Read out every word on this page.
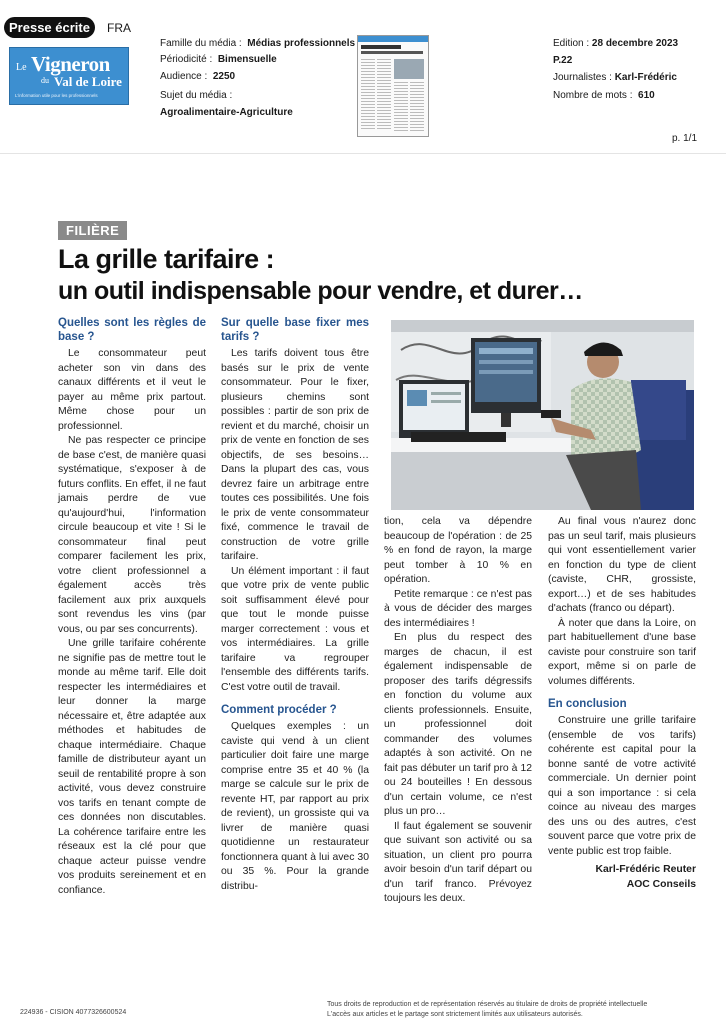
Presse écrite	FRA
Le Vigneron
du Val de Loire
L'information utile pour les professionnels
Famille du média : Médias professionnels
Périodicité : Bimensuelle
Audience : 2250
Sujet du média :
Agroalimentaire-Agriculture
Edition : 28 decembre 2023
P.22
Journalistes : Karl-Frédéric
Nombre de mots : 610
p. 1/1
FILIÈRE
La grille tarifaire :
un outil indispensable pour vendre, et durer…
Quelles sont les règles de base ?

Le consommateur peut acheter son vin dans des canaux différents et il veut le payer au même prix partout. Même chose pour un professionnel.

Ne pas respecter ce principe de base c'est, de manière quasi systématique, s'exposer à de futurs conflits. En effet, il ne faut jamais perdre de vue qu'aujourd'hui, l'information circule beaucoup et vite ! Si le consommateur final peut comparer facilement les prix, votre client professionnel a également accès très facilement aux prix auxquels sont revendus les vins (par vous, ou par ses concurrents).

Une grille tarifaire cohérente ne signifie pas de mettre tout le monde au même tarif. Elle doit respecter les intermédiaires et leur donner la marge nécessaire et, être adaptée aux méthodes et habitudes de chaque intermédiaire. Chaque famille de distributeur ayant un seuil de rentabilité propre à son activité, vous devez construire vos tarifs en tenant compte de ces données non discutables. La cohérence tarifaire entre les réseaux est la clé pour que chaque acteur puisse vendre vos produits sereinement et en confiance.

Sur quelle base fixer mes tarifs ?

Les tarifs doivent tous être basés sur le prix de vente consommateur. Pour le fixer, plusieurs chemins sont possibles : partir de son prix de revient et du marché, choisir un prix de vente en fonction de ses objectifs, de ses besoins… Dans la plupart des cas, vous devrez faire un arbitrage entre toutes ces possibilités. Une fois le prix de vente consommateur fixé, commence le travail de construction de votre grille tarifaire.

Un élément important : il faut que votre prix de vente public soit suffisamment élevé pour que tout le monde puisse marger correctement : vous et vos intermédiaires. La grille tarifaire va regrouper l'ensemble des différents tarifs. C'est votre outil de travail.

Comment procéder ?

Quelques exemples : un caviste qui vend à un client particulier doit faire une marge comprise entre 35 et 40 % (la marge se calcule sur le prix de revente HT, par rapport au prix de revient), un grossiste qui va livrer de manière quasi quotidienne un restaurateur fonctionnera quant à lui avec 30 ou 35 %. Pour la grande distribu-

tion, cela va dépendre beaucoup de l'opération : de 25 % en fond de rayon, la marge peut tomber à 10 % en opération.

Petite remarque : ce n'est pas à vous de décider des marges des intermédiaires !

En plus du respect des marges de chacun, il est également indispensable de proposer des tarifs dégressifs en fonction du volume aux clients professionnels. Ensuite, un professionnel doit commander des volumes adaptés à son activité. On ne fait pas débuter un tarif pro à 12 ou 24 bouteilles ! En dessous d'un certain volume, ce n'est plus un pro…

Il faut également se souvenir que suivant son activité ou sa situation, un client pro pourra avoir besoin d'un tarif départ ou d'un tarif franco. Prévoyez toujours les deux.

Au final vous n'aurez donc pas un seul tarif, mais plusieurs qui vont essentiellement varier en fonction du type de client (caviste, CHR, grossiste, export…) et de ses habitudes d'achats (franco ou départ).

À noter que dans la Loire, on part habituellement d'une base caviste pour construire son tarif export, même si on parle de volumes différents.

En conclusion

Construire une grille tarifaire (ensemble de vos tarifs) cohérente est capital pour la bonne santé de votre activité commerciale. Un dernier point qui a son importance : si cela coince au niveau des marges des uns ou des autres, c'est souvent parce que votre prix de vente public est trop faible.

Karl-Frédéric Reuter
AOC Conseils
224936 - CISION 4077326600524
Tous droits de reproduction et de représentation réservés au titulaire de droits de propriété intellectuelle
L'accès aux articles et le partage sont strictement limités aux utilisateurs autorisés.
